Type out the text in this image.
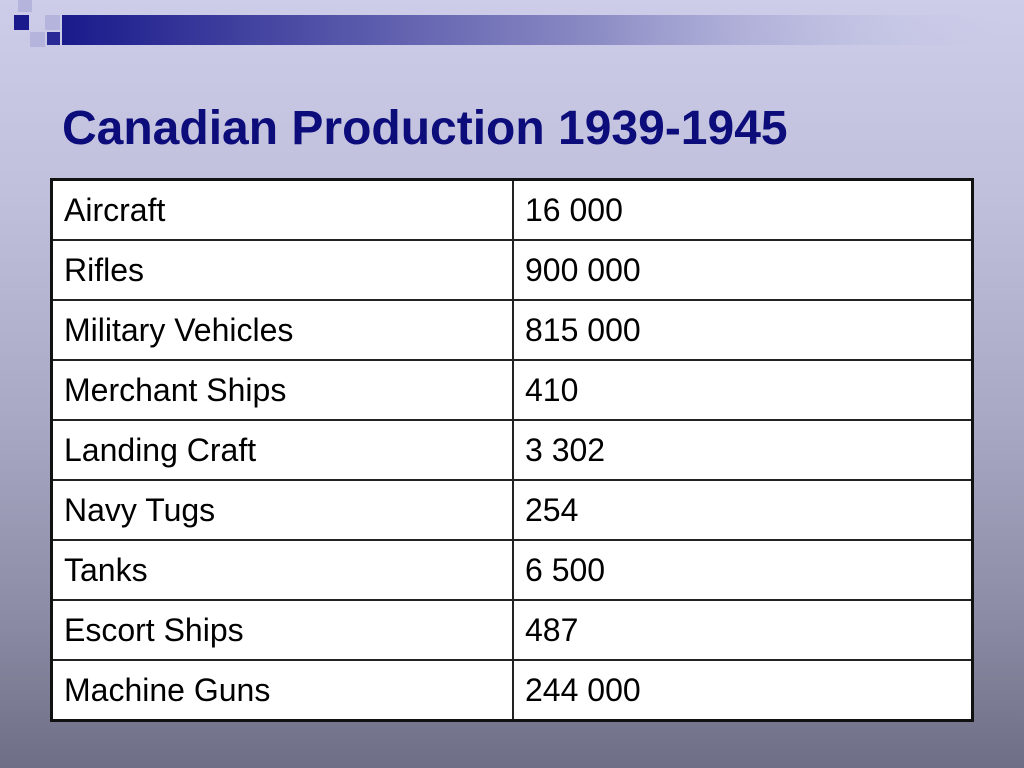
Canadian Production 1939-1945
Aircraft	16 000
Rifles	900 000
Military Vehicles	815 000
Merchant Ships	410
Landing Craft	3 302
Navy Tugs	254
Tanks	6 500
Escort Ships	487
Machine Guns	244 000
